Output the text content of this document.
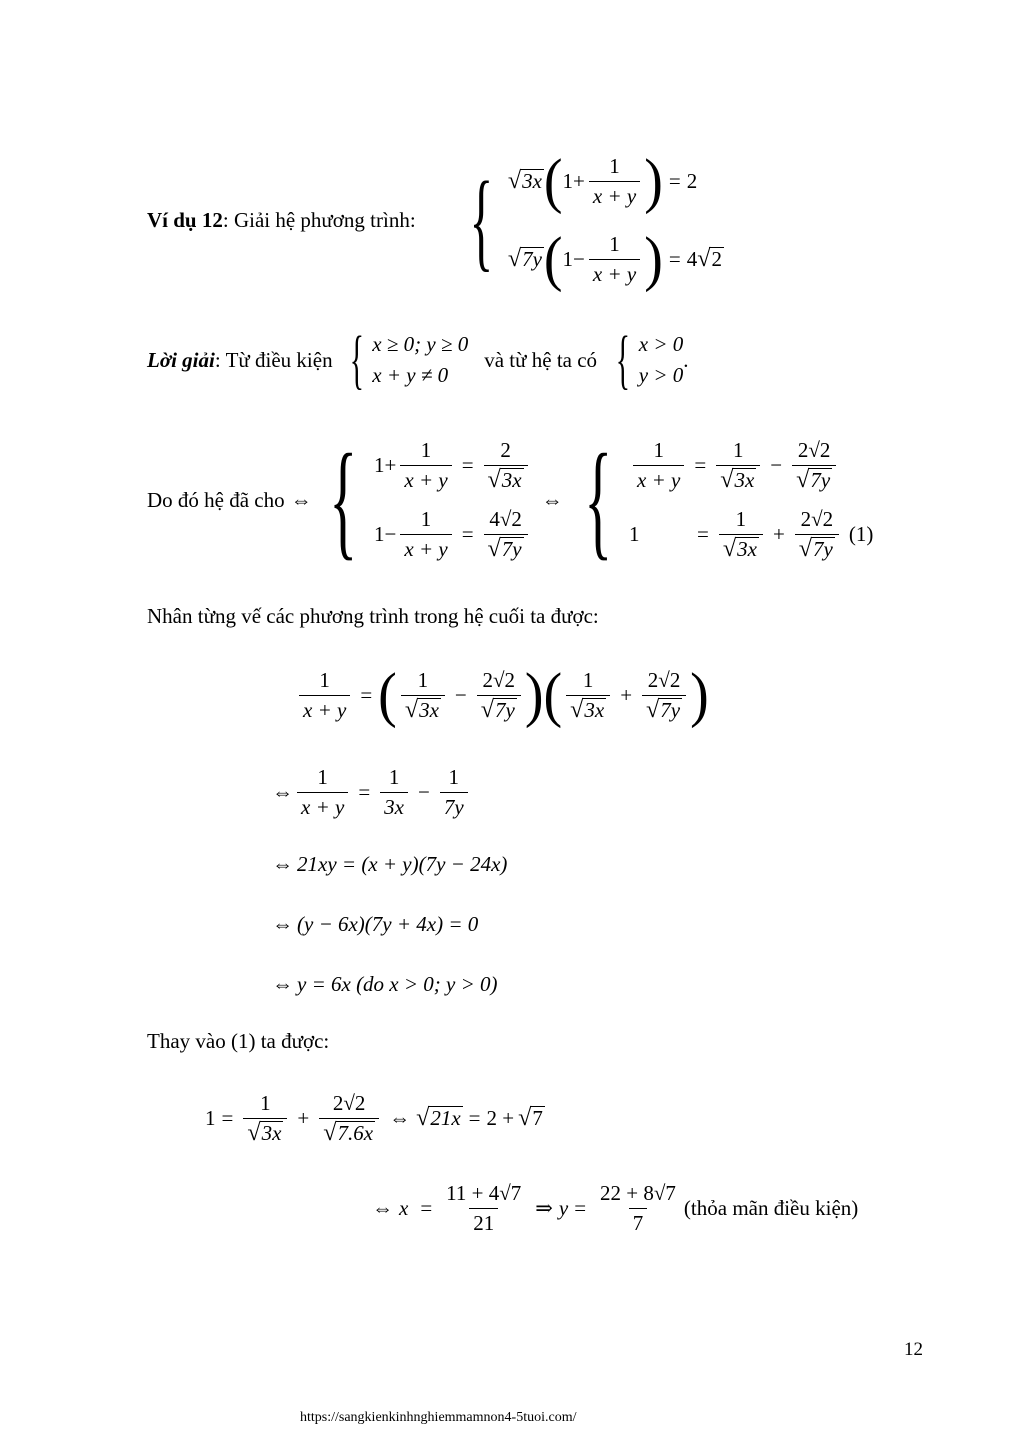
Ví dụ 12 : Giải hệ phương trình: { √ 3x ( $1+ \frac{1}{x + y}$ ) = 2
√ 7y ( $1- \frac{1}{x + y}$ ) = 4 √ 2
Lời giải : Từ điều kiện { x ≥ 0; y ≥ 0
x + y ≠ 0
và từ hệ ta có { x > 0
y > 0
.
Do đó hệ đã cho ⇔ { $1+ \frac{1}{x + y} = \frac{2}{√ 3x}$
$1- \frac{1}{x + y} = \frac{4√2}{√ 7y}$
⇔ { $\frac{1}{x + y} = \frac{1}{√ 3x} - \frac{2√2}{√ 7y}$
1	= $\frac{1}{√ 3x} + \frac{2√2}{√ 7y} (1)$
Nhân từng vế các phương trình trong hệ cuối ta được:
$\frac{1}{x + y}$ = ( $\frac{1}{√ 3x} - \frac{2√2}{√ 7y}$ )( $\frac{1}{√ 3x} + \frac{2√2}{√ 7y}$ )
⇔ $\frac{1}{x + y} = \frac{1}{3x} - \frac{1}{7y}$
⇔ 21xy = (x + y)(7y − 24x)
⇔ (y − 6x)(7y + 4x) = 0
⇔ y = 6x (do x > 0; y > 0)
Thay vào (1) ta được:
$1 = \frac{1}{√ 3x} + \frac{2√2}{√ 7.6x}$ ⇔ √ 21x = 2 + √ 7
⇔ $x = \frac{11 + 4√7}{21}$ ⇒ $y = \frac{22 + 8√7}{7}$ (thỏa mãn điều kiện)
12
https://sangkienkinhnghiemmamnon4-5tuoi.com/
